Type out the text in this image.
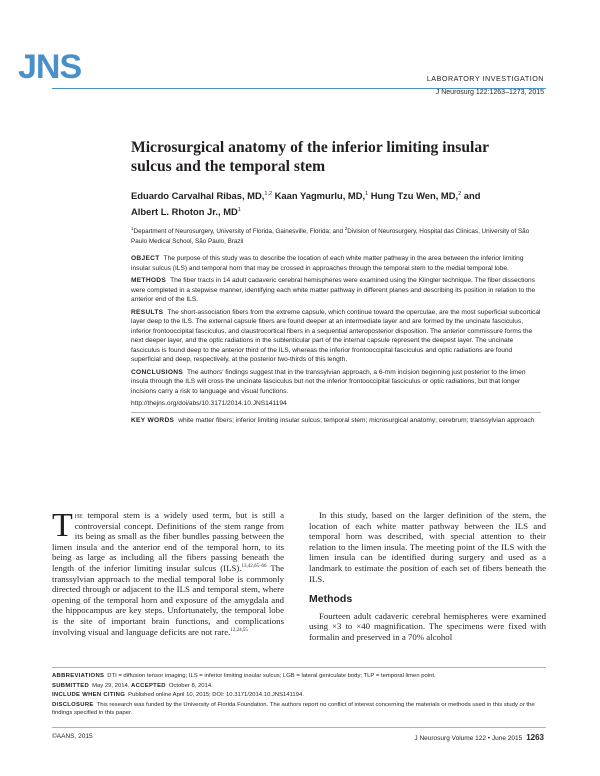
JNS	LABORATORY INVESTIGATION
J Neurosurg 122:1263–1273, 2015
Microsurgical anatomy of the inferior limiting insular sulcus and the temporal stem
Eduardo Carvalhal Ribas, MD,$^{1,2}$ Kaan Yagmurlu, MD,$^1$ Hung Tzu Wen, MD,$^2$ and
Albert L. Rhoton Jr., $MD^1$
$^1$Department of Neurosurgery, University of Florida, Gainesville, Florida; and $^2$Division of Neurosurgery, Hospital das Clínicas, University of São Paulo Medical School, São Paulo, Brazil

OBJECT The purpose of this study was to describe the location of each white matter pathway in the area between the inferior limiting insular sulcus (ILS) and temporal horn that may be crossed in approaches through the temporal stem to the medial temporal lobe.

METHODS The fiber tracts in 14 adult cadaveric cerebral hemispheres were examined using the Klingler technique. The fiber dissections were completed in a stepwise manner, identifying each white matter pathway in different planes and describing its position in relation to the anterior end of the ILS.

RESULTS The short-association fibers from the extreme capsule, which continue toward the operculae, are the most superficial subcortical layer deep to the ILS. The external capsule fibers are found deeper at an intermediate layer and are formed by the uncinate fasciculus, inferior frontooccipital fasciculus, and claustrocortical fibers in a sequential anteroposterior disposition. The anterior commissure forms the next deeper layer, and the optic radiations in the sublenticular part of the internal capsule represent the deepest layer. The uncinate fasciculus is found deep to the anterior third of the ILS, whereas the inferior frontooccipital fasciculus and optic radiations are found superficial and deep, respectively, at the posterior two-thirds of this length.

CONCLUSIONS The authors' findings suggest that in the transsylvian approach, a 6-mm incision beginning just posterior to the limen insula through the ILS will cross the uncinate fasciculus but not the inferior frontooccipital fasciculus or optic radiations, but that longer incisions carry a risk to language and visual functions.

http://thejns.org/doi/abs/10.3171/2014.10.JNS141194

KEY WORDS white matter fibers; inferior limiting insular sulcus; temporal stem; microsurgical anatomy; cerebrum; transsylvian approach

The temporal stem is a widely used term, but is still a controversial concept. Definitions of the stem range from its being as small as the fiber bundles passing between the limen insula and the anterior end of the temporal horn, to its being as large as including all the fibers passing beneath the length of the inferior limiting insular sulcus (ILS).$^{13,42,65-66}$ The transsylvian approach to the medial temporal lobe is commonly directed through or adjacent to the ILS and temporal stem, where opening of the temporal horn and exposure of the amygdala and the hippocampus are key steps. Unfortunately, the temporal lobe is the site of important brain functions, and complications involving visual and language deficits are not rare.$^{12,24,55}$

In this study, based on the larger definition of the stem, the location of each white matter pathway between the ILS and temporal horn was described, with special attention to their relation to the limen insula. The meeting point of the ILS with the limen insula can be identified during surgery and used as a landmark to estimate the position of each set of fibers beneath the ILS.

Methods

Fourteen adult cadaveric cerebral hemispheres were examined using ×3 to ×40 magnification. The specimens were fixed with formalin and preserved in a 70% alcohol

ABBREVIATIONS DTI = diffusion tensor imaging; ILS = inferior limiting insular sulcus; LGB = lateral geniculate body; TLP = temporal limen point.

SUBMITTED May 29, 2014. ACCEPTED October 8, 2014.

INCLUDE WHEN CITING Published online April 10, 2015; DOI: 10.3171/2014.10.JNS141194.

DISCLOSURE This research was funded by the University of Florida Foundation. The authors report no conflict of interest concerning the materials or methods used in this study or the findings specified in this paper.

©AANS, 2015	J Neurosurg Volume 122 • June 2015 1263
